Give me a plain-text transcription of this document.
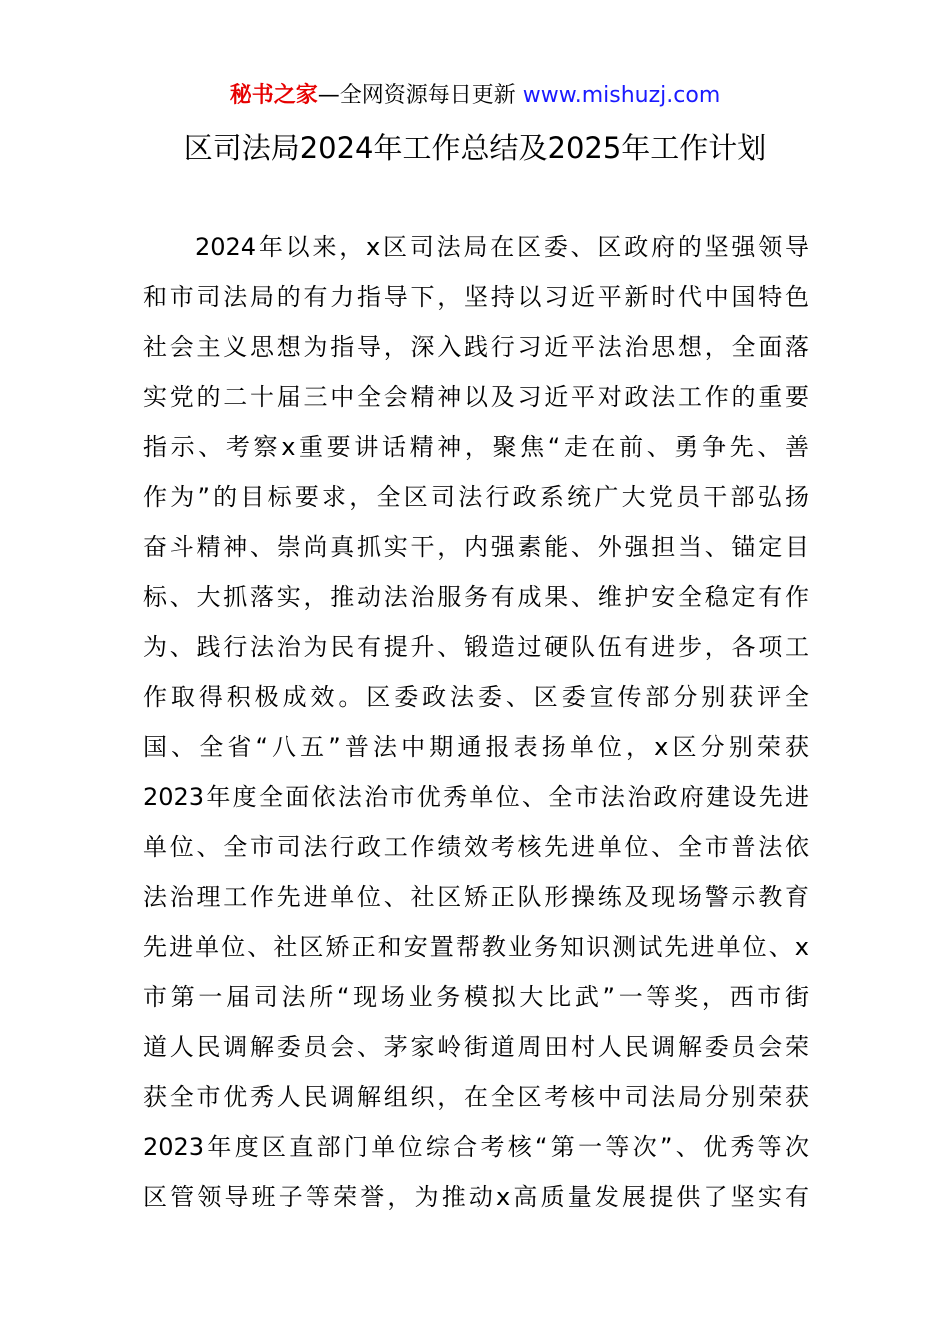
秘书之家—全网资源每日更新 www.mishuzj.com
区司法局2024年工作总结及2025年工作计划
2024年以来，x区司法局在区委、区政府的坚强领导
和市司法局的有力指导下，坚持以习近平新时代中国特色
社会主义思想为指导，深入践行习近平法治思想，全面落
实党的二十届三中全会精神以及习近平对政法工作的重要
指示、考察x重要讲话精神，聚焦“走在前、勇争先、善
作为”的目标要求，全区司法行政系统广大党员干部弘扬
奋斗精神、崇尚真抓实干，内强素能、外强担当、锚定目
标、大抓落实，推动法治服务有成果、维护安全稳定有作
为、践行法治为民有提升、锻造过硬队伍有进步，各项工
作取得积极成效。区委政法委、区委宣传部分别获评全
国、全省“八五”普法中期通报表扬单位，x区分别荣获
2023年度全面依法治市优秀单位、全市法治政府建设先进
单位、全市司法行政工作绩效考核先进单位、全市普法依
法治理工作先进单位、社区矫正队形操练及现场警示教育
先进单位、社区矫正和安置帮教业务知识测试先进单位、x
市第一届司法所“现场业务模拟大比武”一等奖，西市街
道人民调解委员会、茅家岭街道周田村人民调解委员会荣
获全市优秀人民调解组织，在全区考核中司法局分别荣获
2023年度区直部门单位综合考核“第一等次”、优秀等次
区管领导班子等荣誉，为推动x高质量发展提供了坚实有
